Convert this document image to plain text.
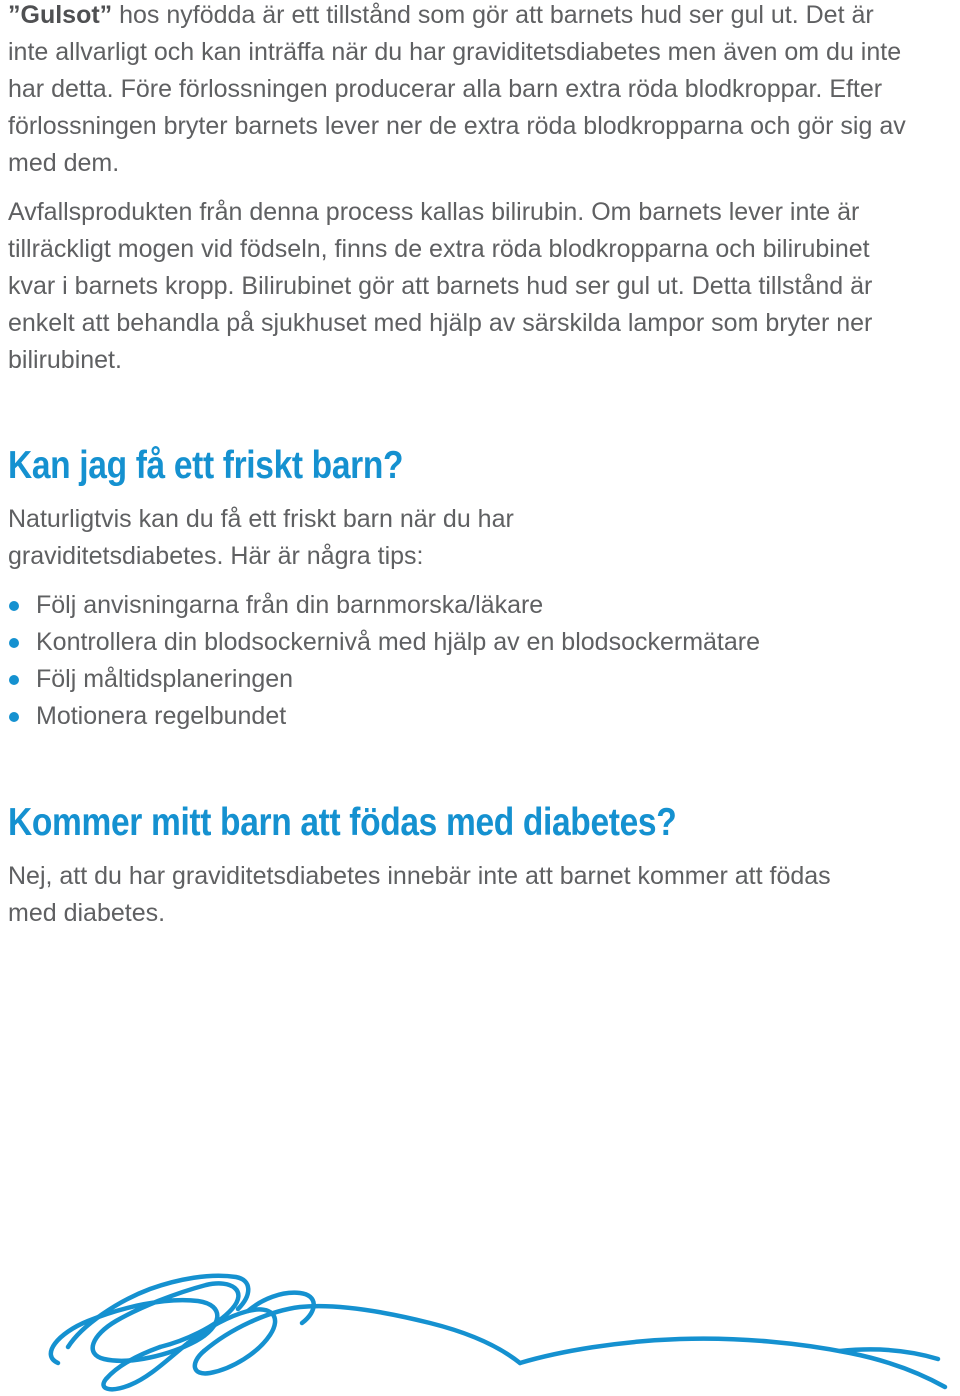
”Gulsot” hos nyfödda är ett tillstånd som gör att barnets hud ser gul ut. Det är inte allvarligt och kan inträffa när du har graviditetsdiabetes men även om du inte har detta. Före förlossningen producerar alla barn extra röda blodkroppar. Efter förlossningen bryter barnets lever ner de extra röda blodkropparna och gör sig av med dem.

Avfallsprodukten från denna process kallas bilirubin. Om barnets lever inte är tillräckligt mogen vid födseln, finns de extra röda blodkropparna och bilirubinet kvar i barnets kropp. Bilirubinet gör att barnets hud ser gul ut. Detta tillstånd är enkelt att behandla på sjukhuset med hjälp av särskilda lampor som bryter ner bilirubinet.

Kan jag få ett friskt barn?

Naturligtvis kan du få ett friskt barn när du har graviditetsdiabetes. Här är några tips:

Följ anvisningarna från din barnmorska/läkare
Kontrollera din blodsockernivå med hjälp av en blodsockermätare
Följ måltidsplaneringen
Motionera regelbundet
Kommer mitt barn att födas med diabetes?

Nej, att du har graviditetsdiabetes innebär inte att barnet kommer att födas med diabetes.
